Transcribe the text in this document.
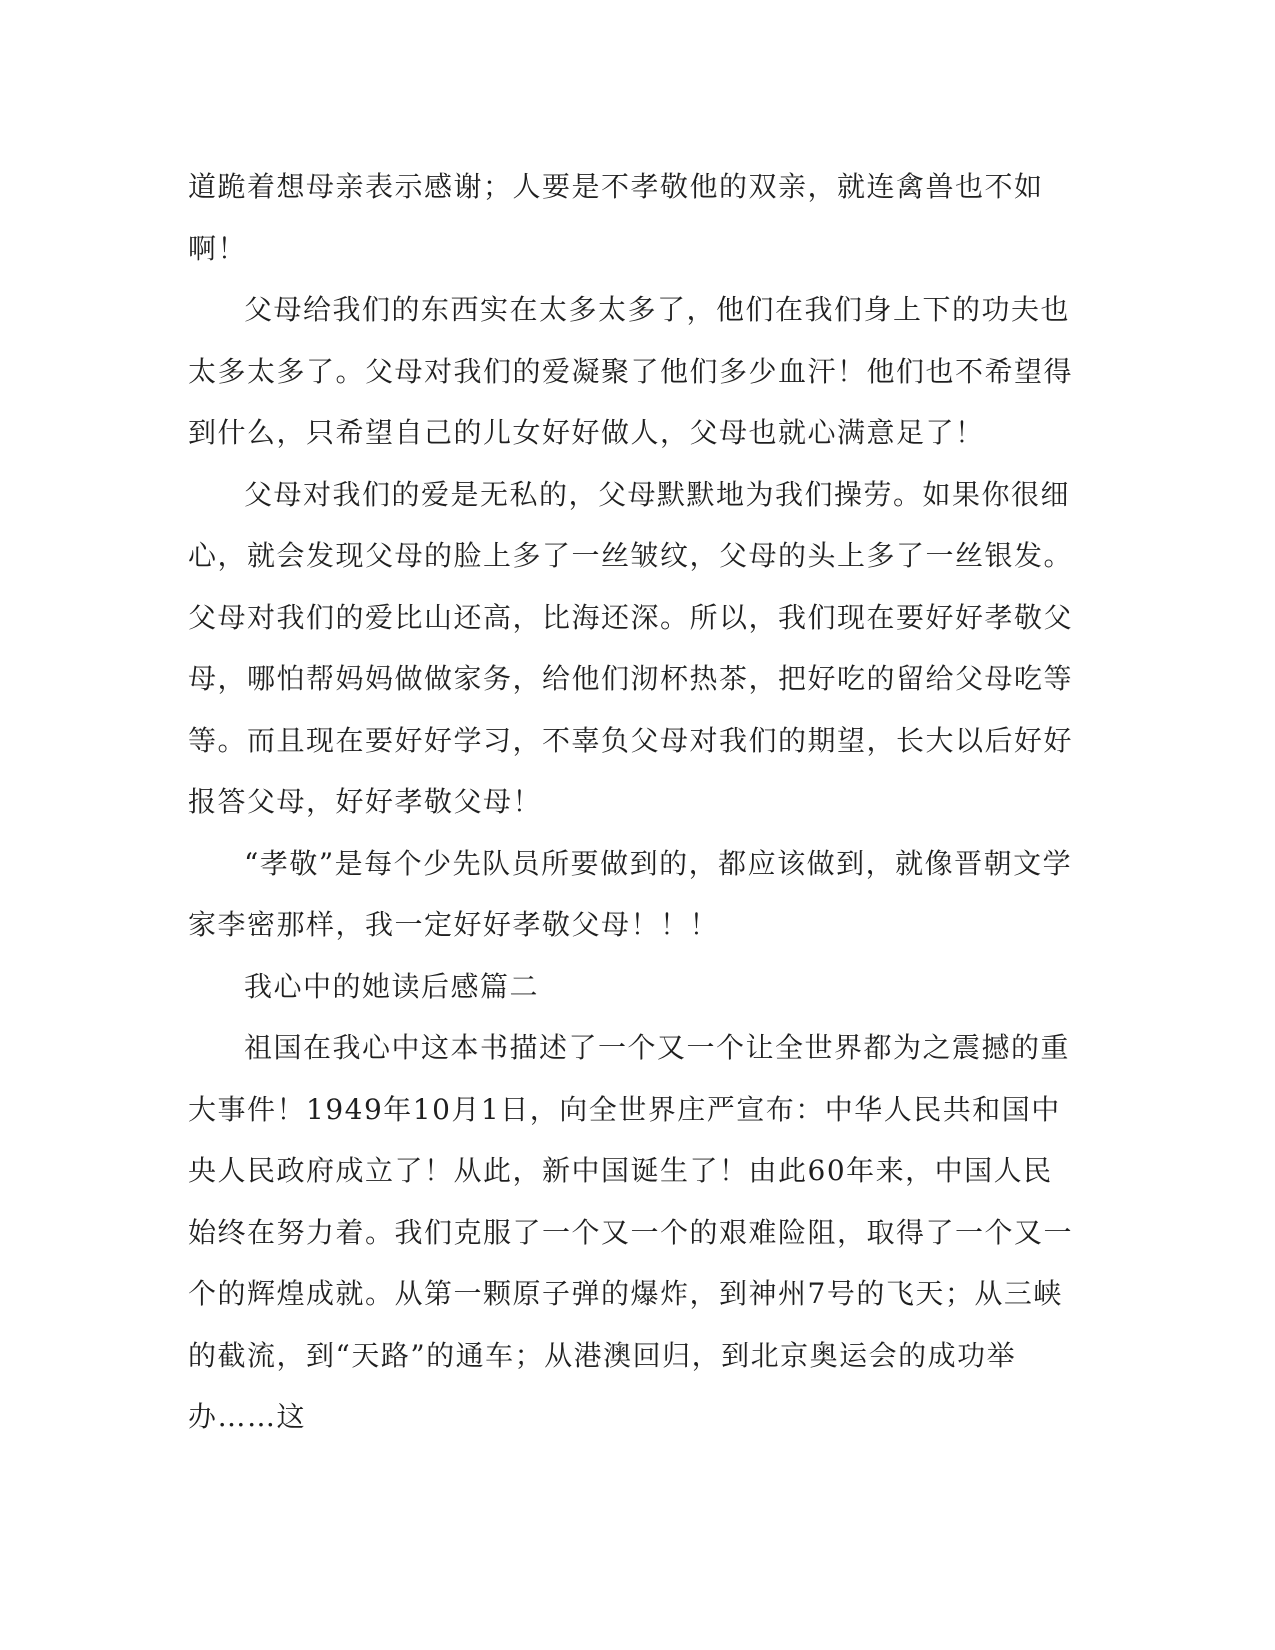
道跪着想母亲表示感谢；人要是不孝敬他的双亲，就连禽兽也不如啊！

父母给我们的东西实在太多太多了，他们在我们身上下的功夫也太多太多了。父母对我们的爱凝聚了他们多少血汗！他们也不希望得到什么，只希望自己的儿女好好做人，父母也就心满意足了！

父母对我们的爱是无私的，父母默默地为我们操劳。如果你很细心，就会发现父母的脸上多了一丝皱纹，父母的头上多了一丝银发。父母对我们的爱比山还高，比海还深。所以，我们现在要好好孝敬父母，哪怕帮妈妈做做家务，给他们沏杯热茶，把好吃的留给父母吃等等。而且现在要好好学习，不辜负父母对我们的期望，长大以后好好报答父母，好好孝敬父母！

“孝敬”是每个少先队员所要做到的，都应该做到，就像晋朝文学家李密那样，我一定好好孝敬父母！！！

我心中的她读后感篇二

祖国在我心中这本书描述了一个又一个让全世界都为之震撼的重大事件！1949年10月1日，向全世界庄严宣布：中华人民共和国中央人民政府成立了！从此，新中国诞生了！由此60年来，中国人民始终在努力着。我们克服了一个又一个的艰难险阻，取得了一个又一个的辉煌成就。从第一颗原子弹的爆炸，到神州7号的飞天；从三峡的截流，到“天路”的通车；从港澳回归，到北京奥运会的成功举办……这
